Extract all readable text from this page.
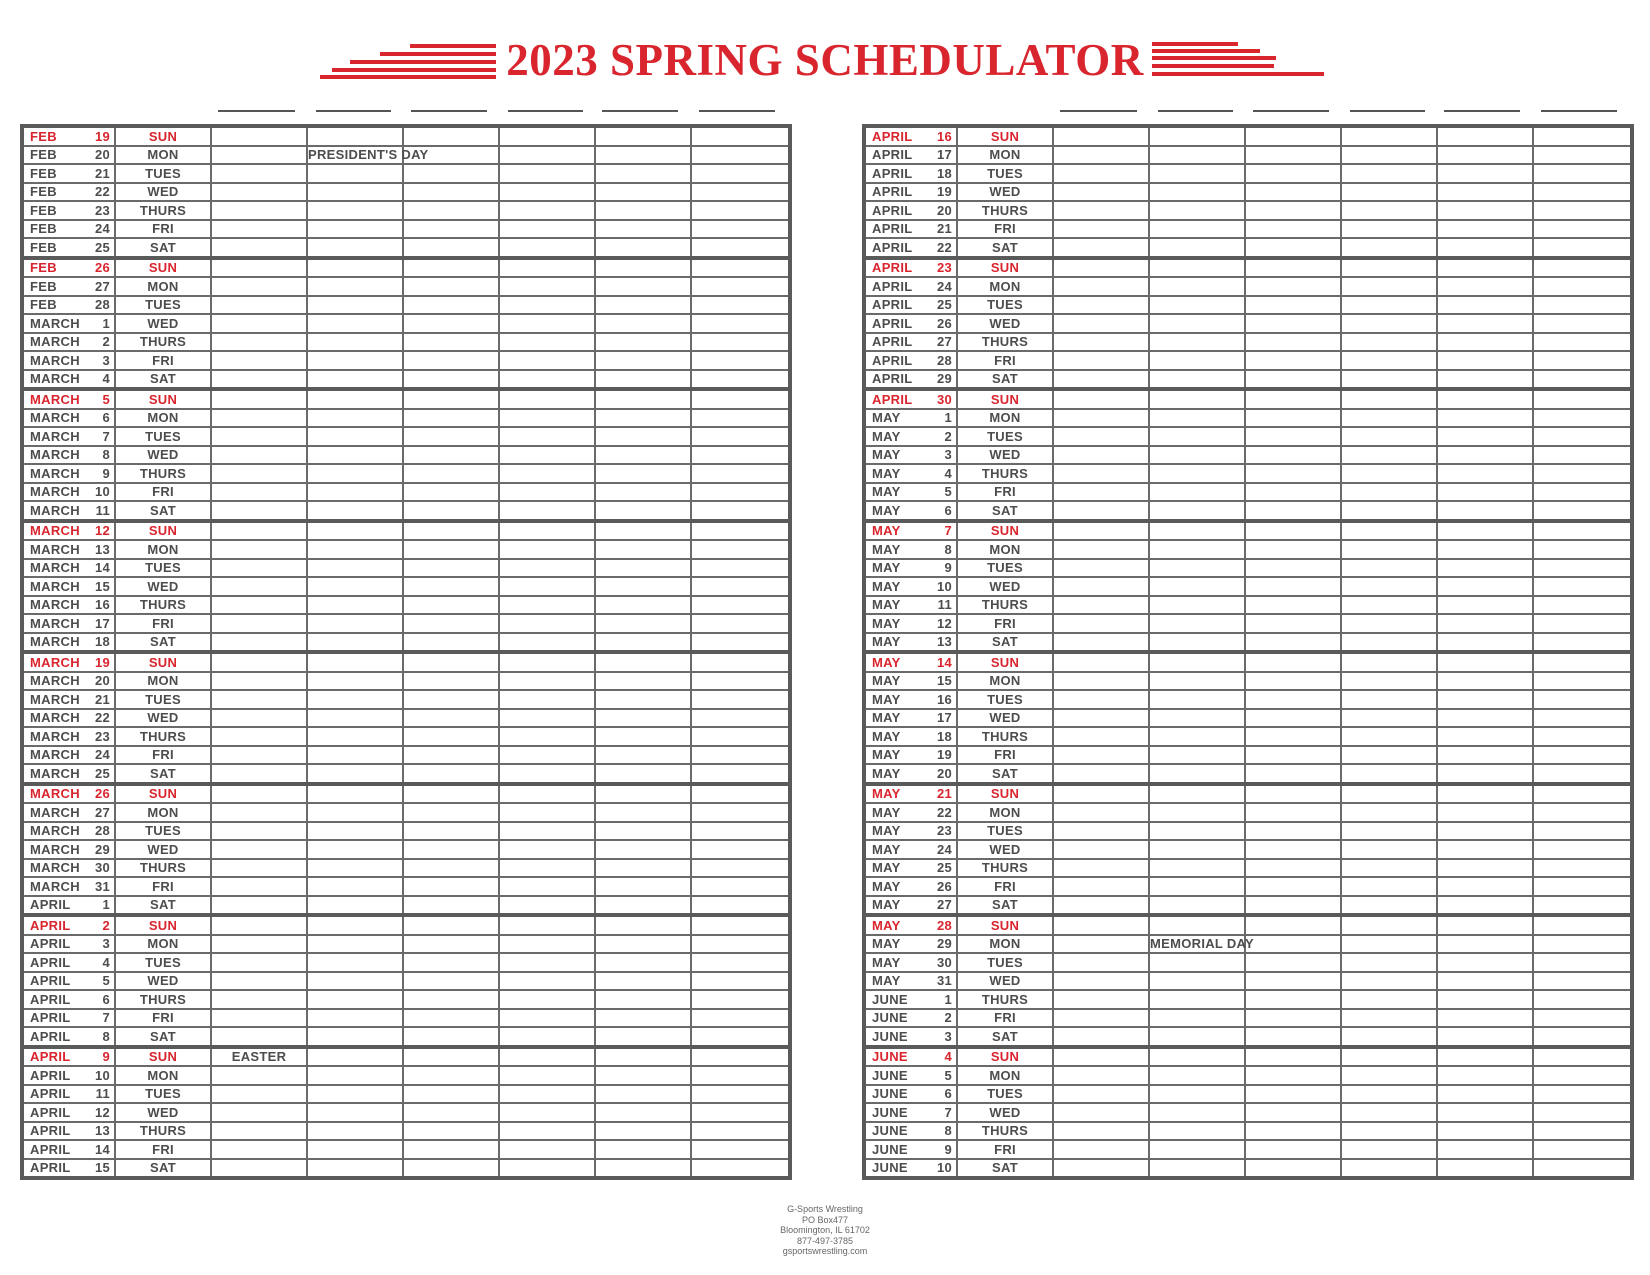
2023 SPRING SCHEDULATOR
FEB 19	SUN						
FEB 20	MON		PRESIDENT'S DAY				
FEB 21	TUES						
FEB 22	WED						
FEB 23	THURS						
FEB 24	FRI						
FEB 25	SAT						
FEB 26	SUN						
FEB 27	MON						
FEB 28	TUES						
MARCH 1	WED						
MARCH 2	THURS						
MARCH 3	FRI						
MARCH 4	SAT						
MARCH 5	SUN						
MARCH 6	MON						
MARCH 7	TUES						
MARCH 8	WED						
MARCH 9	THURS						
MARCH 10	FRI						
MARCH 11	SAT						
MARCH 12	SUN						
MARCH 13	MON						
MARCH 14	TUES						
MARCH 15	WED						
MARCH 16	THURS						
MARCH 17	FRI						
MARCH 18	SAT						
MARCH 19	SUN						
MARCH 20	MON						
MARCH 21	TUES						
MARCH 22	WED						
MARCH 23	THURS						
MARCH 24	FRI						
MARCH 25	SAT						
MARCH 26	SUN						
MARCH 27	MON						
MARCH 28	TUES						
MARCH 29	WED						
MARCH 30	THURS						
MARCH 31	FRI						
APRIL 1	SAT						
APRIL 2	SUN						
APRIL 3	MON						
APRIL 4	TUES						
APRIL 5	WED						
APRIL 6	THURS						
APRIL 7	FRI						
APRIL 8	SAT						
APRIL 9	SUN	EASTER					
APRIL 10	MON						
APRIL 11	TUES						
APRIL 12	WED						
APRIL 13	THURS						
APRIL 14	FRI						
APRIL 15	SAT						
APRIL 16	SUN						
APRIL 17	MON						
APRIL 18	TUES						
APRIL 19	WED						
APRIL 20	THURS						
APRIL 21	FRI						
APRIL 22	SAT						
APRIL 23	SUN						
APRIL 24	MON						
APRIL 25	TUES						
APRIL 26	WED						
APRIL 27	THURS						
APRIL 28	FRI						
APRIL 29	SAT						
APRIL 30	SUN						
MAY 1	MON						
MAY 2	TUES						
MAY 3	WED						
MAY 4	THURS						
MAY 5	FRI						
MAY 6	SAT						
MAY 7	SUN						
MAY 8	MON						
MAY 9	TUES						
MAY 10	WED						
MAY 11	THURS						
MAY 12	FRI						
MAY 13	SAT						
MAY 14	SUN						
MAY 15	MON						
MAY 16	TUES						
MAY 17	WED						
MAY 18	THURS						
MAY 19	FRI						
MAY 20	SAT						
MAY 21	SUN						
MAY 22	MON						
MAY 23	TUES						
MAY 24	WED						
MAY 25	THURS						
MAY 26	FRI						
MAY 27	SAT						
MAY 28	SUN						
MAY 29	MON		MEMORIAL DAY				
MAY 30	TUES						
MAY 31	WED						
JUNE 1	THURS						
JUNE 2	FRI						
JUNE 3	SAT						
JUNE 4	SUN						
JUNE 5	MON						
JUNE 6	TUES						
JUNE 7	WED						
JUNE 8	THURS						
JUNE 9	FRI						
JUNE 10	SAT						
G-Sports Wrestling
PO Box477
Bloomington, IL 61702
877-497-3785
gsportswrestling.com
